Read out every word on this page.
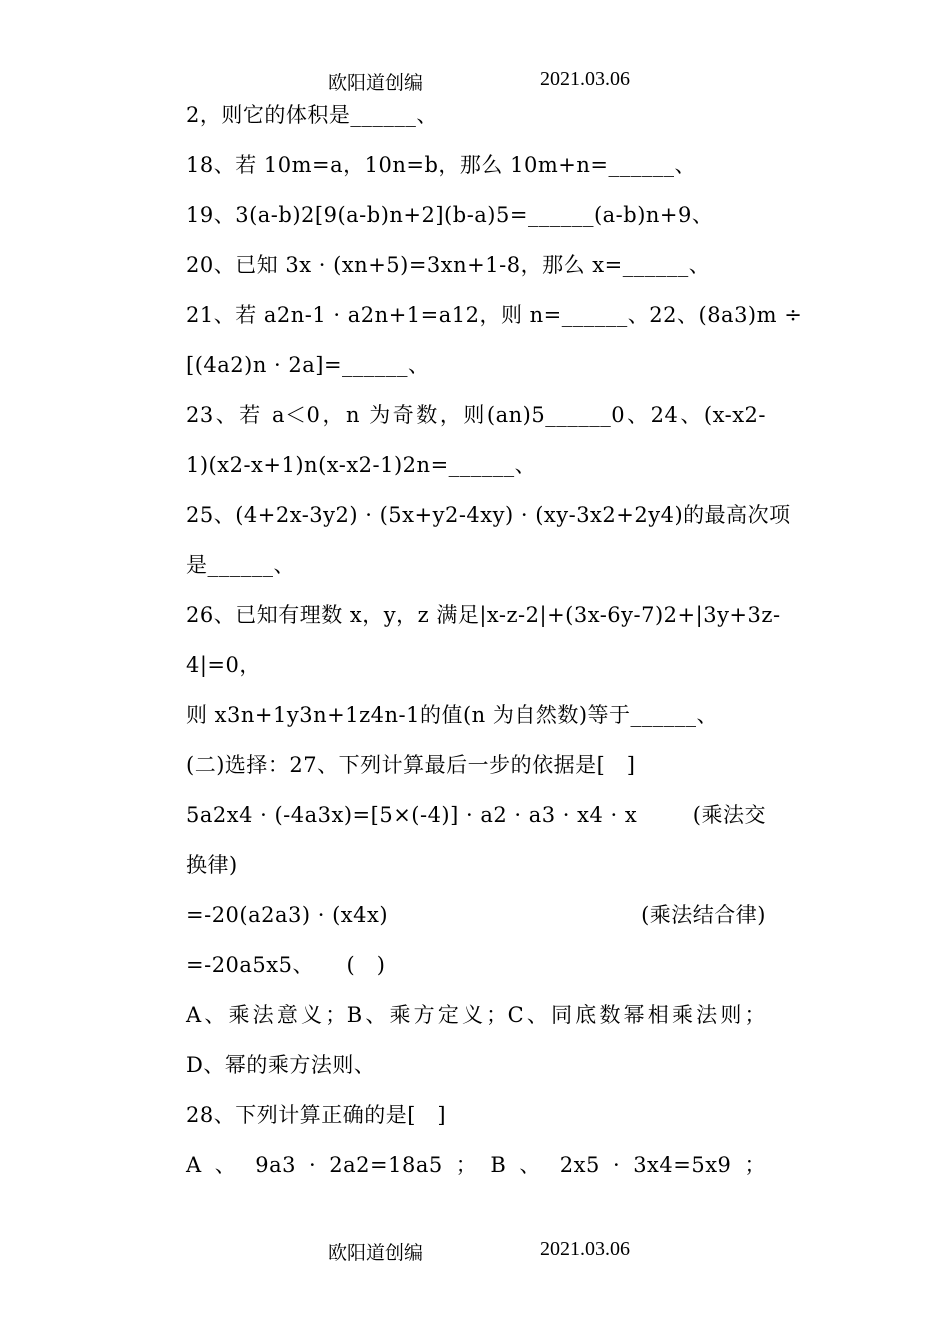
欧阳道创编	2021.03.06
2，则它的体积是______、
18、若 10m=a，10n=b，那么 10m+n=______、
19、3(a-b)2[9(a-b)n+2](b-a)5=______(a-b)n+9、
20、已知 3x · (xn+5)=3xn+1-8，那么 x=______、
21、若 a2n-1 · a2n+1=a12，则 n=______、22、(8a3)m ÷
[(4a2)n · 2a]=______、
23、若 a＜0，n 为奇数，则(an)5______0、24、(x-x2-
1)(x2-x+1)n(x-x2-1)2n=______、
25、(4+2x-3y2) · (5x+y2-4xy) · (xy-3x2+2y4)的最高次项
是______、
26、已知有理数 x，y，z 满足|x-z-2|+(3x-6y-7)2+|3y+3z-
4|=0，
则 x3n+1y3n+1z4n-1的值(n 为自然数)等于______、
(二)选择：27、下列计算最后一步的依据是[　]
5a2x4 · (-4a3x)=[5×(-4)] · a2 · a3 · x4 · x	(乘法交
换律)
=-20(a2a3) · (x4x)	(乘法结合律)
=-20a5x5、　　(　)
A、乘法意义；B、乘方定义；C、同底数幂相乘法则；
D、幂的乘方法则、
28、下列计算正确的是[　]
A 、 9a3 · 2a2=18a5 ； B 、 2x5 · 3x4=5x9 ；
欧阳道创编	2021.03.06
